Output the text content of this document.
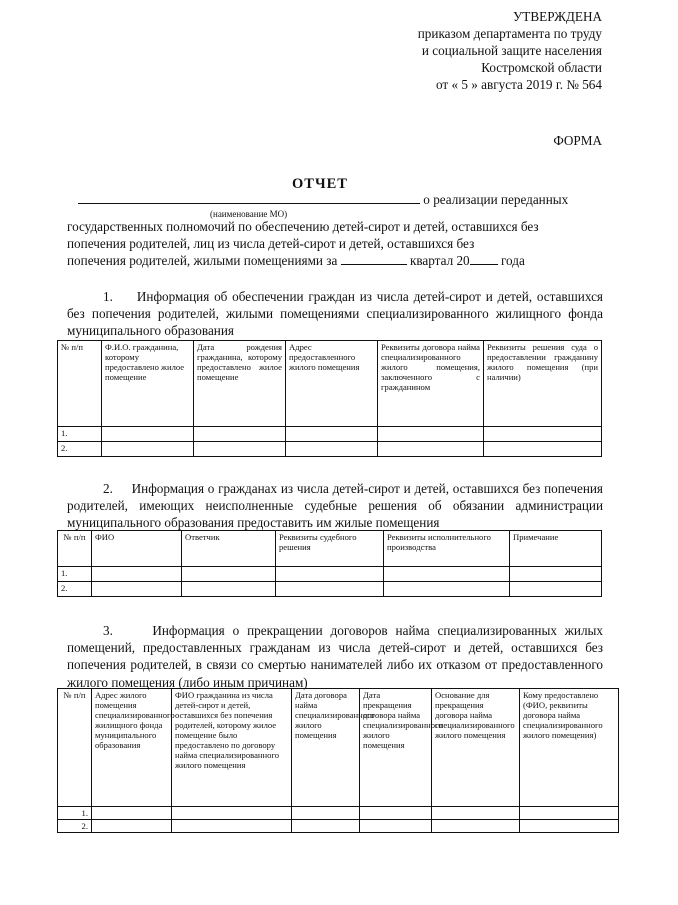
УТВЕРЖДЕНА
приказом департамента по труду
и социальной защите населения
Костромской области
от « 5 » августа 2019 г. № 564
ФОРМА
ОТЧЕТ
о реализации переданных
(наименование МО)
государственных полномочий по обеспечению детей-сирот и детей, оставшихся без
попечения родителей, лиц из числа детей-сирот и детей, оставшихся без
попечения родителей, жилыми помещениями за	квартал 20 года
1. Информация об обеспечении граждан из числа детей-сирот и детей, оставшихся без попечения родителей, жилыми помещениями специализированного жилищного фонда муниципального образования
№ п/п	Ф.И.О. гражданина, которому предоставлено жилое помещение	Дата рождения гражданина, которому предоставлено жилое помещение	Адрес предоставленного жилого помещения	Реквизиты договора найма специализированного жилого помещения, заключенного с гражданином	Реквизиты решения суда о предоставлении гражданину жилого помещения (при наличии)
1.					
2.					
2. Информация о гражданах из числа детей-сирот и детей, оставшихся без попечения родителей, имеющих неисполненные судебные решения об обязании администрации муниципального образования предоставить им жилые помещения
№ п/п	ФИО	Ответчик	Реквизиты судебного решения	Реквизиты исполнительного производства	Примечание
1.					
2.					
3.	Информация о прекращении договоров найма специализированных жилых помещений, предоставленных гражданам из числа детей-сирот и детей, оставшихся без попечения родителей, в связи со смертью нанимателей либо их отказом от предоставленного жилого помещения (либо иным причинам)
№ п/п	Адрес жилого помещения специализированного жилищного фонда муниципального образования	ФИО гражданина из числа детей-сирот и детей, оставшихся без попечения родителей, которому жилое помещение было предоставлено по договору найма специализированного жилого помещения	Дата договора найма специализированного жилого помещения	Дата прекращения договора найма специализированного жилого помещения	Основание для прекращения договора найма специализированного жилого помещения	Кому предоставлено (ФИО, реквизиты договора найма специализированного жилого помещения)
1.						
2.						
